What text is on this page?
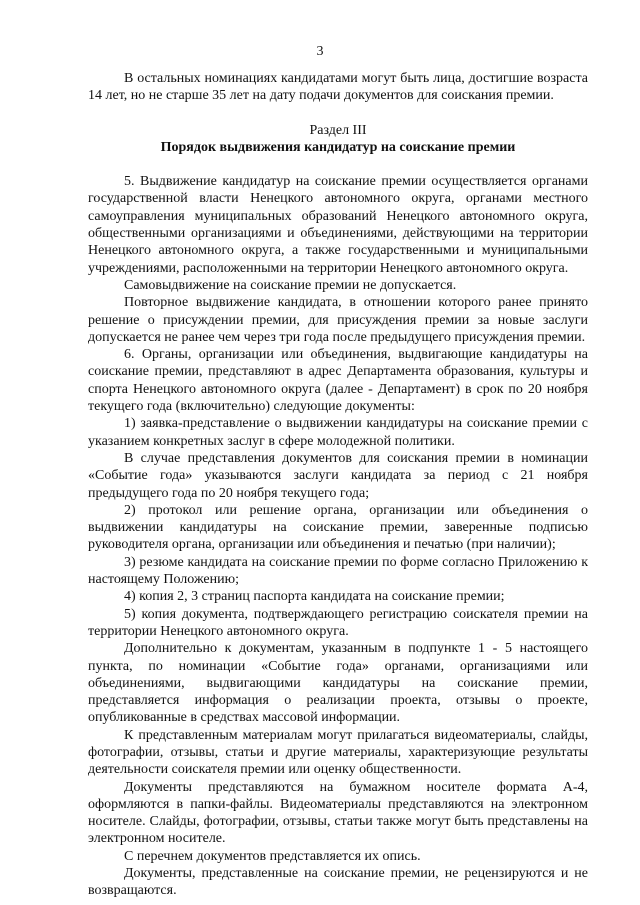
3

В остальных номинациях кандидатами могут быть лица, достигшие возраста 14 лет, но не старше 35 лет на дату подачи документов для соискания премии.

Раздел III

Порядок выдвижения кандидатур на соискание премии

5. Выдвижение кандидатур на соискание премии осуществляется органами государственной власти Ненецкого автономного округа, органами местного самоуправления муниципальных образований Ненецкого автономного округа, общественными организациями и объединениями, действующими на территории Ненецкого автономного округа, а также государственными и муниципальными учреждениями, расположенными на территории Ненецкого автономного округа.

Самовыдвижение на соискание премии не допускается.

Повторное выдвижение кандидата, в отношении которого ранее принято решение о присуждении премии, для присуждения премии за новые заслуги допускается не ранее чем через три года после предыдущего присуждения премии.

6. Органы, организации или объединения, выдвигающие кандидатуры на соискание премии, представляют в адрес Департамента образования, культуры и спорта Ненецкого автономного округа (далее - Департамент) в срок по 20 ноября текущего года (включительно) следующие документы:

1) заявка-представление о выдвижении кандидатуры на соискание премии с указанием конкретных заслуг в сфере молодежной политики.

В случае представления документов для соискания премии в номинации «Событие года» указываются заслуги кандидата за период с 21 ноября предыдущего года по 20 ноября текущего года;

2) протокол или решение органа, организации или объединения о выдвижении кандидатуры на соискание премии, заверенные подписью руководителя органа, организации или объединения и печатью (при наличии);

3) резюме кандидата на соискание премии по форме согласно Приложению к настоящему Положению;

4) копия 2, 3 страниц паспорта кандидата на соискание премии;

5) копия документа, подтверждающего регистрацию соискателя премии на территории Ненецкого автономного округа.

Дополнительно к документам, указанным в подпункте 1 - 5 настоящего пункта, по номинации «Событие года» органами, организациями или объединениями, выдвигающими кандидатуры на соискание премии, представляется информация о реализации проекта, отзывы о проекте, опубликованные в средствах массовой информации.

К представленным материалам могут прилагаться видеоматериалы, слайды, фотографии, отзывы, статьи и другие материалы, характеризующие результаты деятельности соискателя премии или оценку общественности.

Документы представляются на бумажном носителе формата А-4, оформляются в папки-файлы. Видеоматериалы представляются на электронном носителе. Слайды, фотографии, отзывы, статьи также могут быть представлены на электронном носителе.

С перечнем документов представляется их опись.

Документы, представленные на соискание премии, не рецензируются и не возвращаются.
